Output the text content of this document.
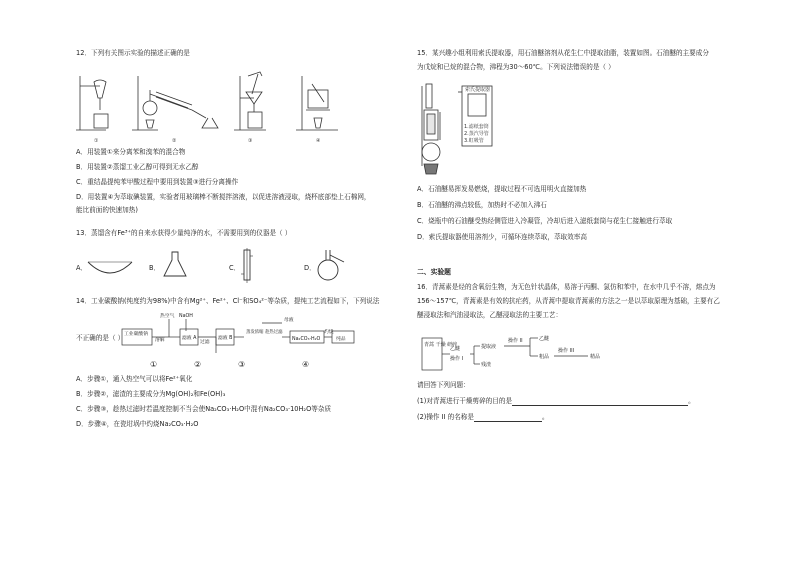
12．下列有关图示实验的描述正确的是
①	②	③	④
A．用装置①来分离苯和溴苯的混合物
B．用装置②蒸馏工业乙醇可得到无水乙醇
C．重结晶提纯苯甲酸过程中要用到装置③进行分离操作
D．用装置④为萃取碘装置，实验者用玻璃棒不断搅拌溶液，以促进溶液浸取，烧杯底部垫上石棉网，
能比前面的快速加热)
13．蒸馏含有Fe³⁺的自来水获得少量纯净的水，不需要用到的仪器是（ ）
A．	B．	C．	D．
14．工业碳酸钠(纯度约为98%)中含有Mg²⁺、Fe²⁺、Cl⁻和SO₄²⁻等杂质，提纯工艺流程如下，下列说法
工业碳酸钠
溶解
热空气 NaOH
滤液 A
过滤
滤液 B
蒸发浓缩 趁热过滤
母液
Na₂CO₃·H₂O
灼烧
纯品
①	②	③	④
不正确的是（ ）
A．步骤①，通入热空气可以将Fe²⁺氧化
B．步骤②，滤渣的主要成分为Mg(OH)₂和Fe(OH)₃
C．步骤③，趁热过滤时若温度控制不当会使Na₂CO₃·H₂O中混有Na₂CO₃·10H₂O等杂质
D．步骤④，在瓷坩埚中灼烧Na₂CO₃·H₂O
15．某兴趣小组利用索氏提取器，用石油醚溶剂从花生仁中提取油脂，装置如图。石油醚的主要成分
为戊烷和已烷的混合物，沸程为30～60℃。下列说法错误的是（ ）
索氏提取器
1.滤纸套筒
2.蒸汽导管
3.虹吸管
A．石油醚易挥发易燃烧，提取过程不可选用明火直接加热
B．石油醚的沸点较低，加热时不必加入沸石
C．烧瓶中的石油醚受热经侧管进入冷凝管，冷却后进入滤纸套筒与花生仁接触进行萃取
D．索氏提取器使用溶剂少，可循环连续萃取，萃取效率高
二、实验题
16．青蒿素是烃的含氧衍生物，为无色针状晶体，易溶于丙酮、氯仿和苯中，在水中几乎不溶，熔点为
156～157℃，青蒿素是有效的抗疟药，从青蒿中提取青蒿素的方法之一是以萃取原理为基础，主要有乙
醚浸取法和汽油浸取法，乙醚浸取法的主要工艺：
青蒿 干燥 研碎
乙醚
操作 I
提取液
残渣
操作 II	乙醚
粗品
操作 III
精品
请回答下列问题：
(1)对青蒿进行干燥剪碎的目的是	。
(2)操作 II 的名称是	。
